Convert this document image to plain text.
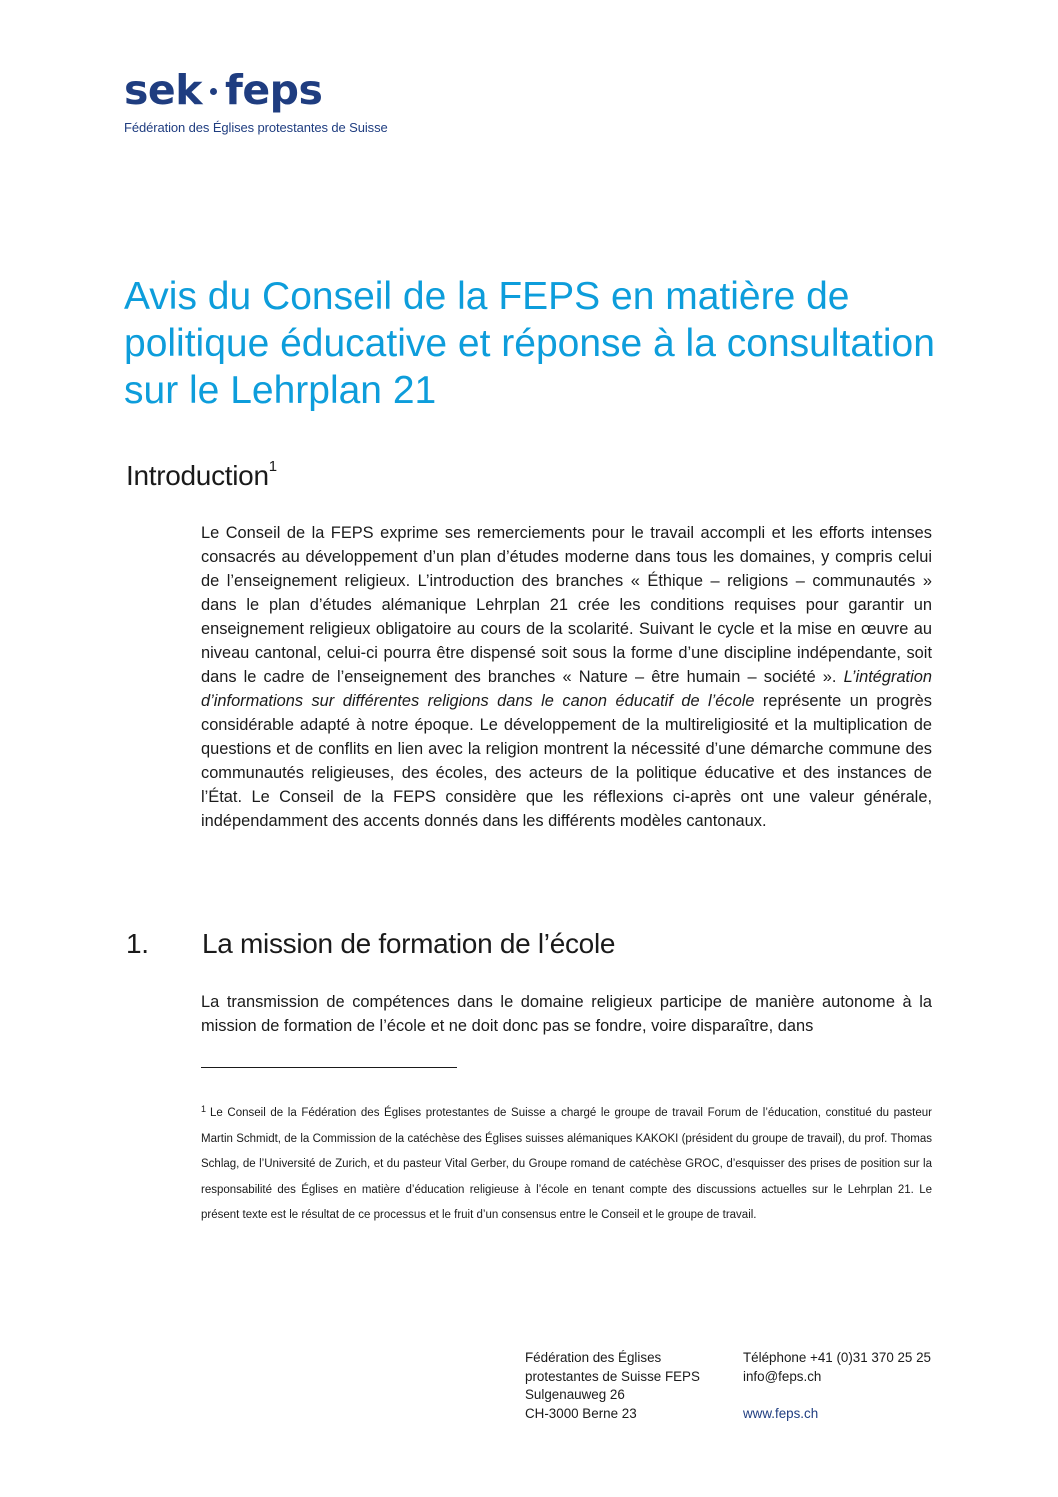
sek feps
Fédération des Églises protestantes de Suisse
Avis du Conseil de la FEPS en matière de politique éducative et réponse à la consultation sur le Lehrplan 21
Introduction$^1$
Le Conseil de la FEPS exprime ses remerciements pour le travail accompli et les efforts intenses consacrés au développement d’un plan d’études moderne dans tous les domaines, y compris celui de l’enseignement religieux. L’introduction des branches « Éthique – religions – communautés » dans le plan d’études alémanique Lehrplan 21 crée les conditions requises pour garantir un enseignement religieux obligatoire au cours de la scolarité. Suivant le cycle et la mise en œuvre au niveau cantonal, celui-ci pourra être dispensé soit sous la forme d’une discipline indépendante, soit dans le cadre de l’enseignement des branches « Nature – être humain – société ». L’intégration d’informations sur différentes religions dans le canon éducatif de l’école représente un progrès considérable adapté à notre époque. Le développement de la multireligiosité et la multiplication de questions et de conflits en lien avec la religion montrent la nécessité d’une démarche commune des communautés religieuses, des écoles, des acteurs de la politique éducative et des instances de l’État. Le Conseil de la FEPS considère que les réflexions ci-après ont une valeur générale, indépendamment des accents donnés dans les différents modèles cantonaux.
1. La mission de formation de l’école
La transmission de compétences dans le domaine religieux participe de manière autonome à la mission de formation de l’école et ne doit donc pas se fondre, voire disparaître, dans
$^1$ Le Conseil de la Fédération des Églises protestantes de Suisse a chargé le groupe de travail Forum de l’éducation, constitué du pasteur Martin Schmidt, de la Commission de la catéchèse des Églises suisses alémaniques KAKOKI (président du groupe de travail), du prof. Thomas Schlag, de l’Université de Zurich, et du pasteur Vital Gerber, du Groupe romand de catéchèse GROC, d’esquisser des prises de position sur la responsabilité des Églises en matière d’éducation religieuse à l’école en tenant compte des discussions actuelles sur le Lehrplan 21. Le présent texte est le résultat de ce processus et le fruit d’un consensus entre le Conseil et le groupe de travail.
Fédération des Églises
protestantes de Suisse FEPS
Sulgenauweg 26
CH-3000 Berne 23
Téléphone +41 (0)31 370 25 25
info@feps.ch
www.feps.ch
